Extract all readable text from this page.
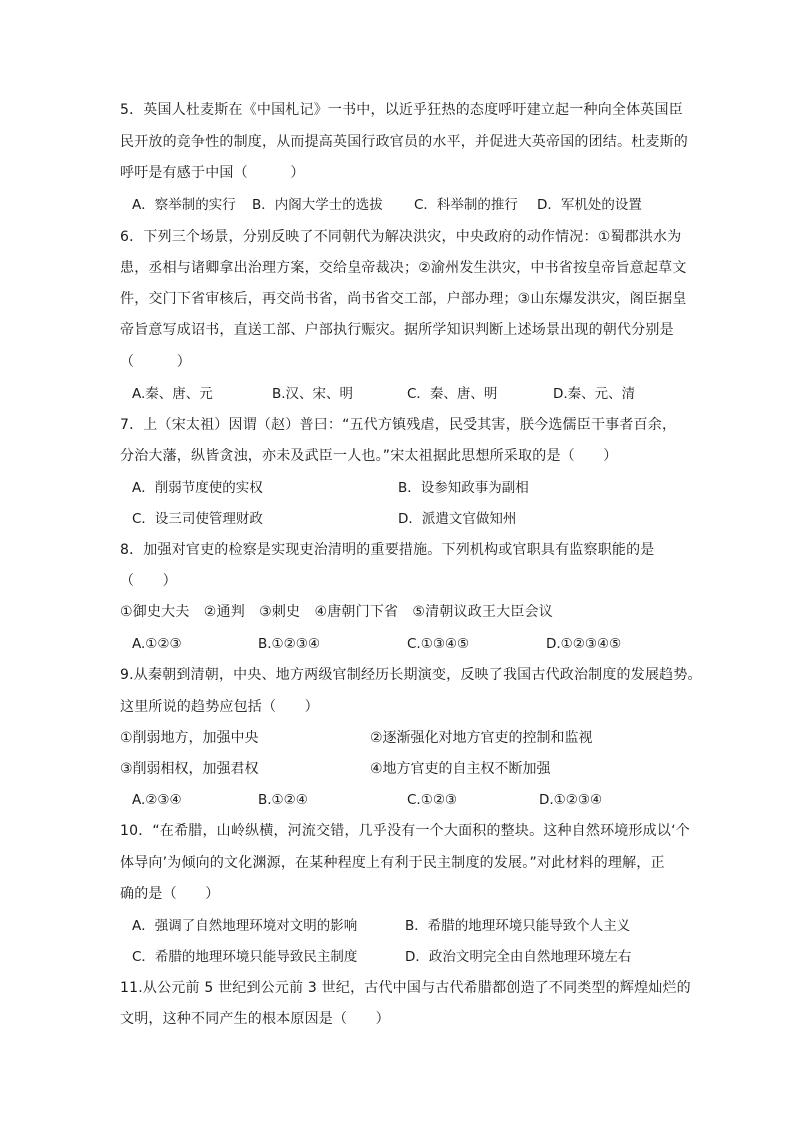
5．英国人杜麦斯在《中国札记》一书中，以近乎狂热的态度呼吁建立起一种向全体英国臣
民开放的竞争性的制度，从而提高英国行政官员的水平，并促进大英帝国的团结。杜麦斯的
呼吁是有感于中国（　　　）
A．察举制的实行 B．内阁大学士的选拔 C．科举制的推行 D．军机处的设置
6．下列三个场景，分别反映了不同朝代为解决洪灾，中央政府的动作情况：①蜀郡洪水为
患，丞相与诸卿拿出治理方案，交给皇帝裁决；②渝州发生洪灾，中书省按皇帝旨意起草文
件，交门下省审核后，再交尚书省，尚书省交工部，户部办理；③山东爆发洪灾，阁臣据皇
帝旨意写成诏书，直送工部、户部执行赈灾。据所学知识判断上述场景出现的朝代分别是
（　　　）
A.秦、唐、元	B.汉、宋、明	C．秦、唐、明	D.秦、元、清
7．上（宋太祖）因谓（赵）普曰：“五代方镇残虐，民受其害，朕今选儒臣干事者百余，
分治大藩，纵皆贪浊，亦未及武臣一人也。”宋太祖据此思想所采取的是（　　）
A．削弱节度使的实权	B．设参知政事为副相
C．设三司使管理财政	D．派遣文官做知州
8．加强对官吏的检察是实现吏治清明的重要措施。下列机构或官职具有监察职能的是
（　　）
①御史大夫　②通判　③刺史　④唐朝门下省　⑤清朝议政王大臣会议
A.①②③	B.①②③④	C.①③④⑤	D.①②③④⑤
9.从秦朝到清朝，中央、地方两级官制经历长期演变，反映了我国古代政治制度的发展趋势。
这里所说的趋势应包括（　　）
①削弱地方，加强中央	②逐渐强化对地方官吏的控制和监视
③削弱相权，加强君权	④地方官吏的自主权不断加强
A.②③④	B.①②④	C.①②③	D.①②③④
10．“在希腊，山岭纵横，河流交错，几乎没有一个大面积的整块。这种自然环境形成以‘个
体导向’为倾向的文化渊源，在某种程度上有利于民主制度的发展。”对此材料的理解，正
确的是（　　）
A．强调了自然地理环境对文明的影响	B．希腊的地理环境只能导致个人主义
C．希腊的地理环境只能导致民主制度	D．政治文明完全由自然地理环境左右
11.从公元前 5 世纪到公元前 3 世纪，古代中国与古代希腊都创造了不同类型的辉煌灿烂的
文明，这种不同产生的根本原因是（　　）
